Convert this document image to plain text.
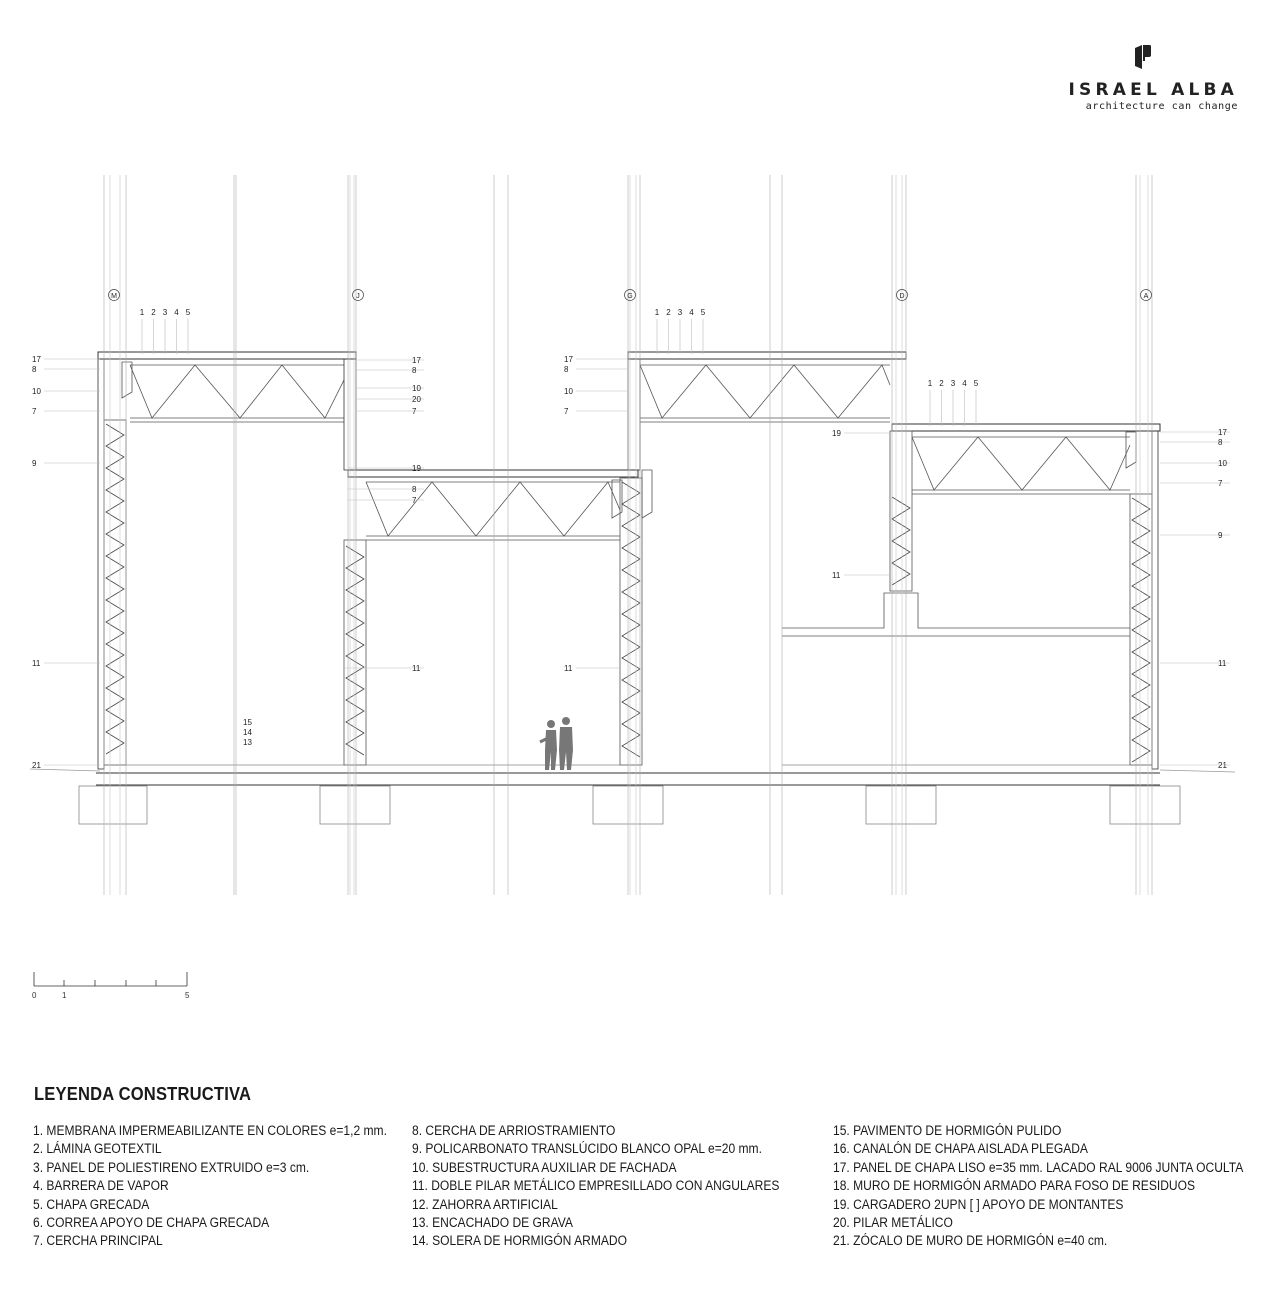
ISRAEL ALBA
architecture can change
M	J	G	D	A
1 2 3 4 5	1 2 3 4 5
1 2 3 4 5
17
8
10
7
9
11
21
17
8
10
20
7
19
8
7
11
15
14
13
17
8
10
7
11
19
11
17
8
10
7
9
11
21
0	1	5
LEYENDA CONSTRUCTIVA
1. MEMBRANA IMPERMEABILIZANTE EN COLORES e=1,2 mm.
2. LÁMINA GEOTEXTIL
3. PANEL DE POLIESTIRENO EXTRUIDO e=3 cm.
4. BARRERA DE VAPOR
5. CHAPA GRECADA
6. CORREA APOYO DE CHAPA GRECADA
7. CERCHA PRINCIPAL
8. CERCHA DE ARRIOSTRAMIENTO
9. POLICARBONATO TRANSLÚCIDO BLANCO OPAL e=20 mm.
10. SUBESTRUCTURA AUXILIAR DE FACHADA
11. DOBLE PILAR METÁLICO EMPRESILLADO CON ANGULARES
12. ZAHORRA ARTIFICIAL
13. ENCACHADO DE GRAVA
14. SOLERA DE HORMIGÓN ARMADO
15. PAVIMENTO DE HORMIGÓN PULIDO
16. CANALÓN DE CHAPA AISLADA PLEGADA
17. PANEL DE CHAPA LISO e=35 mm. LACADO RAL 9006 JUNTA OCULTA
18. MURO DE HORMIGÓN ARMADO PARA FOSO DE RESIDUOS
19. CARGADERO 2UPN [ ] APOYO DE MONTANTES
20. PILAR METÁLICO
21. ZÓCALO DE MURO DE HORMIGÓN e=40 cm.
